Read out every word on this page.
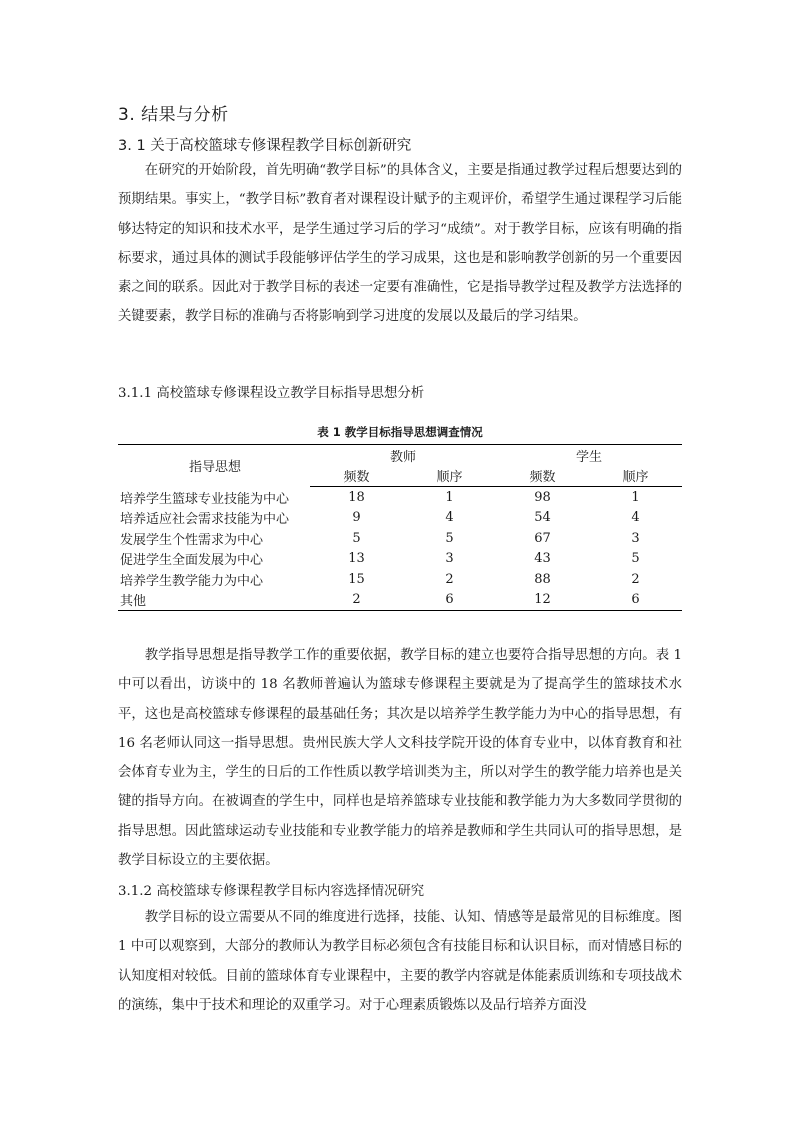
3. 结果与分析
3. 1 关于高校篮球专修课程教学目标创新研究

在研究的开始阶段，首先明确“教学目标”的具体含义，主要是指通过教学过程后想要达到的预期结果。事实上，“教学目标”教育者对课程设计赋予的主观评价，希望学生通过课程学习后能够达特定的知识和技术水平，是学生通过学习后的学习“成绩”。对于教学目标，应该有明确的指标要求，通过具体的测试手段能够评估学生的学习成果，这也是和影响教学创新的另一个重要因素之间的联系。因此对于教学目标的表述一定要有准确性，它是指导教学过程及教学方法选择的关键要素，教学目标的准确与否将影响到学习进度的发展以及最后的学习结果。

3.1.1 高校篮球专修课程设立教学目标指导思想分析
表 1 教学目标指导思想调查情况
指导思想	教师		学生	
	频数	顺序	频数	顺序
培养学生篮球专业技能为中心	18	1	98	1
培养适应社会需求技能为中心	9	4	54	4
发展学生个性需求为中心	5	5	67	3
促进学生全面发展为中心	13	3	43	5
培养学生教学能力为中心	15	2	88	2
其他	2	6	12	6

教学指导思想是指导教学工作的重要依据，教学目标的建立也要符合指导思想的方向。表 1 中可以看出，访谈中的 18 名教师普遍认为篮球专修课程主要就是为了提高学生的篮球技术水平，这也是高校篮球专修课程的最基础任务；其次是以培养学生教学能力为中心的指导思想，有 16 名老师认同这一指导思想。贵州民族大学人文科技学院开设的体育专业中，以体育教育和社会体育专业为主，学生的日后的工作性质以教学培训类为主，所以对学生的教学能力培养也是关键的指导方向。在被调查的学生中，同样也是培养篮球专业技能和教学能力为大多数同学贯彻的指导思想。因此篮球运动专业技能和专业教学能力的培养是教师和学生共同认可的指导思想，是教学目标设立的主要依据。

3.1.2 高校篮球专修课程教学目标内容选择情况研究

教学目标的设立需要从不同的维度进行选择，技能、认知、情感等是最常见的目标维度。图 1 中可以观察到，大部分的教师认为教学目标必须包含有技能目标和认识目标，而对情感目标的认知度相对较低。目前的篮球体育专业课程中，主要的教学内容就是体能素质训练和专项技战术的演练，集中于技术和理论的双重学习。对于心理素质锻炼以及品行培养方面没
